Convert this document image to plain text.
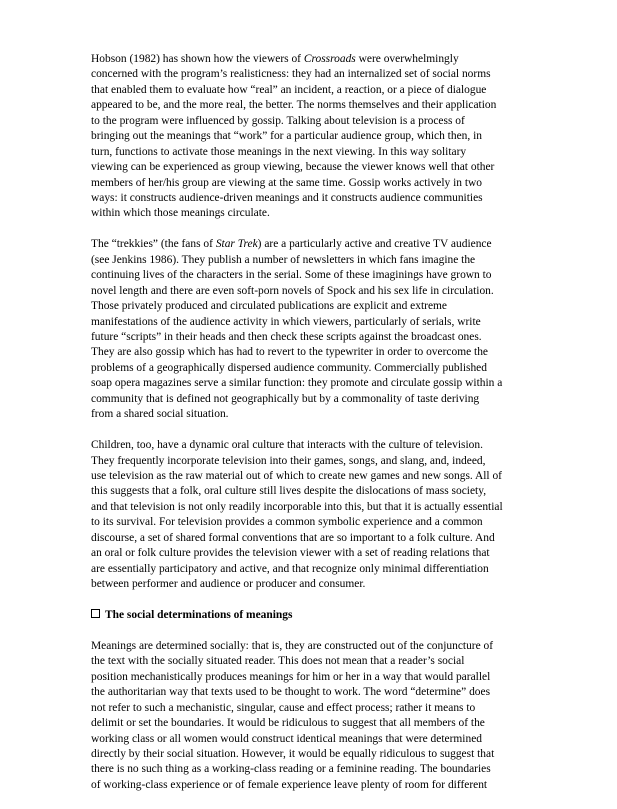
Hobson (1982) has shown how the viewers of Crossroads were overwhelmingly
concerned with the program’s realisticness: they had an internalized set of social norms
that enabled them to evaluate how “real” an incident, a reaction, or a piece of dialogue
appeared to be, and the more real, the better. The norms themselves and their application
to the program were influenced by gossip. Talking about television is a process of
bringing out the meanings that “work” for a particular audience group, which then, in
turn, functions to activate those meanings in the next viewing. In this way solitary
viewing can be experienced as group viewing, because the viewer knows well that other
members of her/his group are viewing at the same time. Gossip works actively in two
ways: it constructs audience-driven meanings and it constructs audience communities
within which those meanings circulate.
The “trekkies” (the fans of Star Trek) are a particularly active and creative TV audience
(see Jenkins 1986). They publish a number of newsletters in which fans imagine the
continuing lives of the characters in the serial. Some of these imaginings have grown to
novel length and there are even soft-porn novels of Spock and his sex life in circulation.
Those privately produced and circulated publications are explicit and extreme
manifestations of the audience activity in which viewers, particularly of serials, write
future “scripts” in their heads and then check these scripts against the broadcast ones.
They are also gossip which has had to revert to the typewriter in order to overcome the
problems of a geographically dispersed audience community. Commercially published
soap opera magazines serve a similar function: they promote and circulate gossip within a
community that is defined not geographically but by a commonality of taste deriving
from a shared social situation.
Children, too, have a dynamic oral culture that interacts with the culture of television.
They frequently incorporate television into their games, songs, and slang, and, indeed,
use television as the raw material out of which to create new games and new songs. All of
this suggests that a folk, oral culture still lives despite the dislocations of mass society,
and that television is not only readily incorporable into this, but that it is actually essential
to its survival. For television provides a common symbolic experience and a common
discourse, a set of shared formal conventions that are so important to a folk culture. And
an oral or folk culture provides the television viewer with a set of reading relations that
are essentially participatory and active, and that recognize only minimal differentiation
between performer and audience or producer and consumer.
The social determinations of meanings
Meanings are determined socially: that is, they are constructed out of the conjuncture of
the text with the socially situated reader. This does not mean that a reader’s social
position mechanistically produces meanings for him or her in a way that would parallel
the authoritarian way that texts used to be thought to work. The word “determine” does
not refer to such a mechanistic, singular, cause and effect process; rather it means to
delimit or set the boundaries. It would be ridiculous to suggest that all members of the
working class or all women would construct identical meanings that were determined
directly by their social situation. However, it would be equally ridiculous to suggest that
there is no such thing as a working-class reading or a feminine reading. The boundaries
of working-class experience or of female experience leave plenty of room for different
